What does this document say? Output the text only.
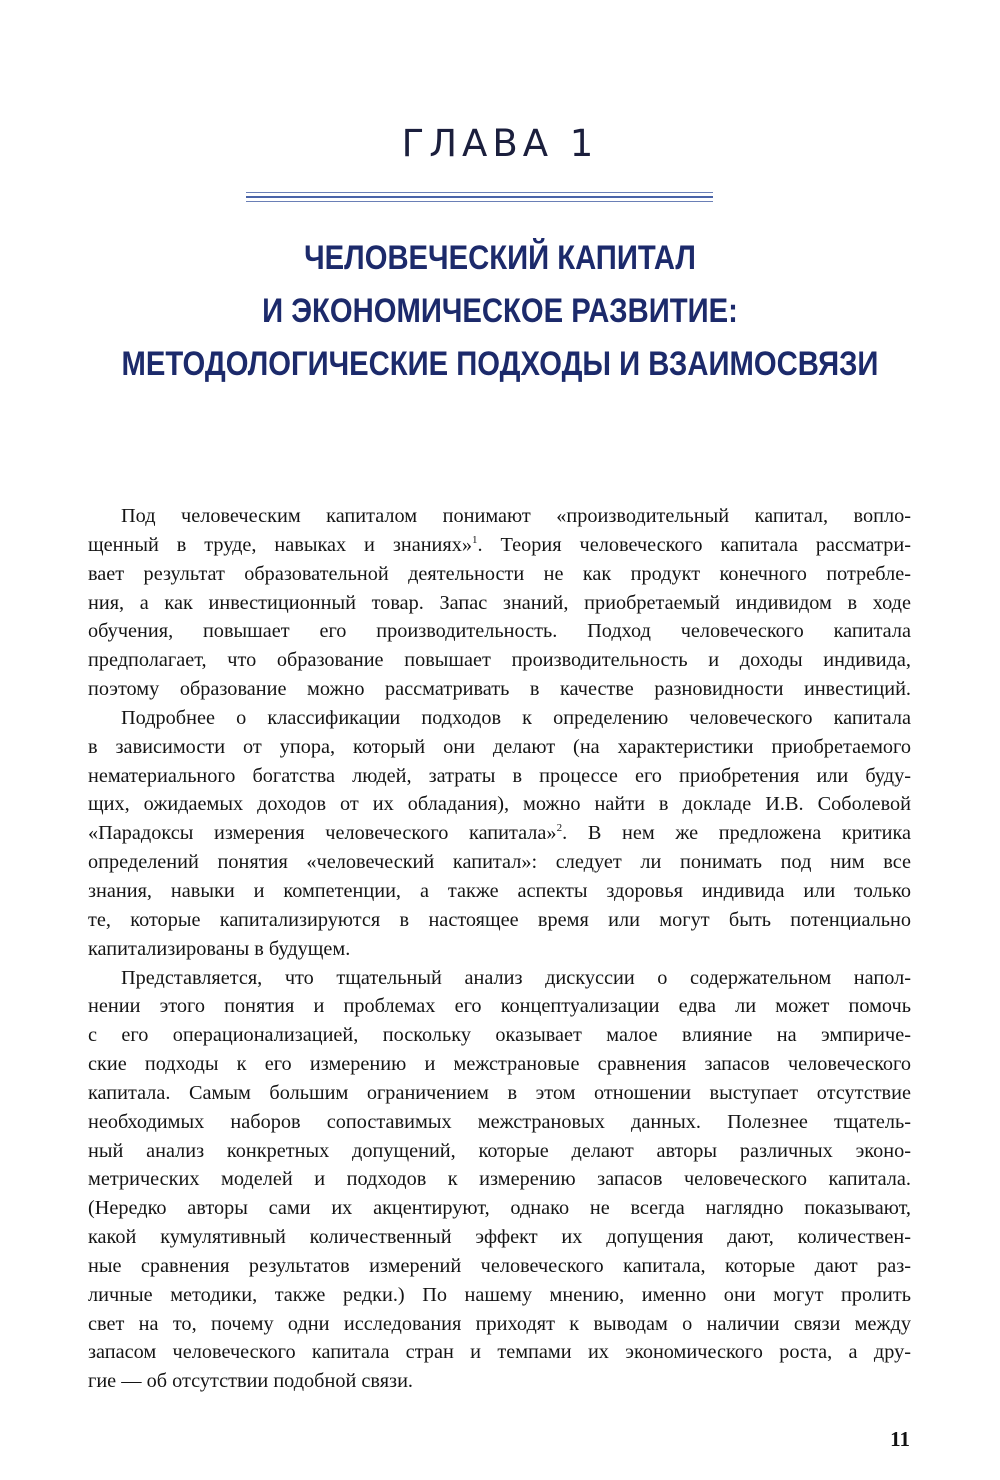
ГЛАВА 1
ЧЕЛОВЕЧЕСКИЙ КАПИТАЛ
И ЭКОНОМИЧЕСКОЕ РАЗВИТИЕ:
МЕТОДОЛОГИЧЕСКИЕ ПОДХОДЫ И ВЗАИМОСВЯЗИ

Под человеческим капиталом понимают «производительный капитал, вопло-
щенный в труде, навыках и знаниях»$^1$. Теория человеческого капитала рассматри-
вает результат образовательной деятельности не как продукт конечного потребле-
ния, а как инвестиционный товар. Запас знаний, приобретаемый индивидом в ходе
обучения, повышает его производительность. Подход человеческого капитала
предполагает, что образование повышает производительность и доходы индивида,
поэтому образование можно рассматривать в качестве разновидности инвестиций.

Подробнее о классификации подходов к определению человеческого капитала
в зависимости от упора, который они делают (на характеристики приобретаемого
нематериального богатства людей, затраты в процессе его приобретения или буду-
щих, ожидаемых доходов от их обладания), можно найти в докладе И.В. Соболевой
«Парадоксы измерения человеческого капитала»$^2$. В нем же предложена критика
определений понятия «человеческий капитал»: следует ли понимать под ним все
знания, навыки и компетенции, а также аспекты здоровья индивида или только
те, которые капитализируются в настоящее время или могут быть потенциально
капитализированы в будущем.

Представляется, что тщательный анализ дискуссии о содержательном напол-
нении этого понятия и проблемах его концептуализации едва ли может помочь
с его операционализацией, поскольку оказывает малое влияние на эмпириче-
ские подходы к его измерению и межстрановые сравнения запасов человеческого
капитала. Самым большим ограничением в этом отношении выступает отсутствие
необходимых наборов сопоставимых межстрановых данных. Полезнее тщатель-
ный анализ конкретных допущений, которые делают авторы различных эконо-
метрических моделей и подходов к измерению запасов человеческого капитала.
(Нередко авторы сами их акцентируют, однако не всегда наглядно показывают,
какой кумулятивный количественный эффект их допущения дают, количествен-
ные сравнения результатов измерений человеческого капитала, которые дают раз-
личные методики, также редки.) По нашему мнению, именно они могут пролить
свет на то, почему одни исследования приходят к выводам о наличии связи между
запасом человеческого капитала стран и темпами их экономического роста, а дру-
гие — об отсутствии подобной связи.

11
